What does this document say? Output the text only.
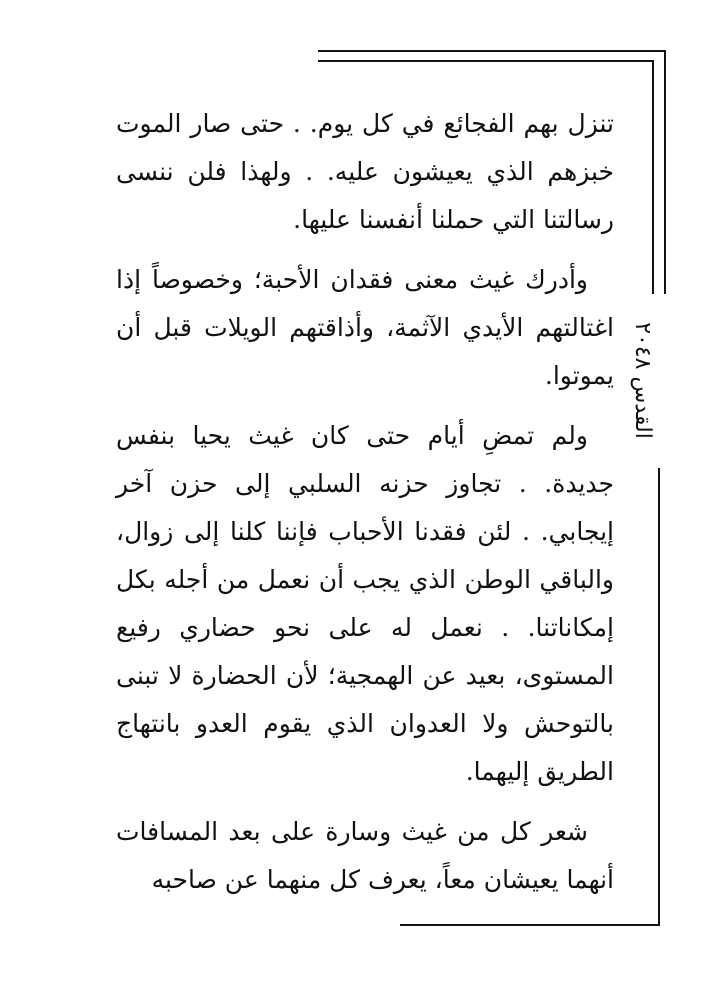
القدس ٢٠٤٨

تنزل بهم الفجائع في كل يوم. . حتى صار الموت خبزهم الذي يعيشون عليه. . ولهذا فلن ننسى رسالتنا التي حملنا أنفسنا عليها.

وأدرك غيث معنى فقدان الأحبة؛ وخصوصاً إذا اغتالتهم الأيدي الآثمة، وأذاقتهم الويلات قبل أن يموتوا.

ولم تمضِ أيام حتى كان غيث يحيا بنفس جديدة. . تجاوز حزنه السلبي إلى حزن آخر إيجابي. . لئن فقدنا الأحباب فإننا كلنا إلى زوال، والباقي الوطن الذي يجب أن نعمل من أجله بكل إمكاناتنا. . نعمل له على نحو حضاري رفيع المستوى، بعيد عن الهمجية؛ لأن الحضارة لا تبنى بالتوحش ولا العدوان الذي يقوم العدو بانتهاج الطريق إليهما.

شعر كل من غيث وسارة على بعد المسافات أنهما يعيشان معاً، يعرف كل منهما عن صاحبه
